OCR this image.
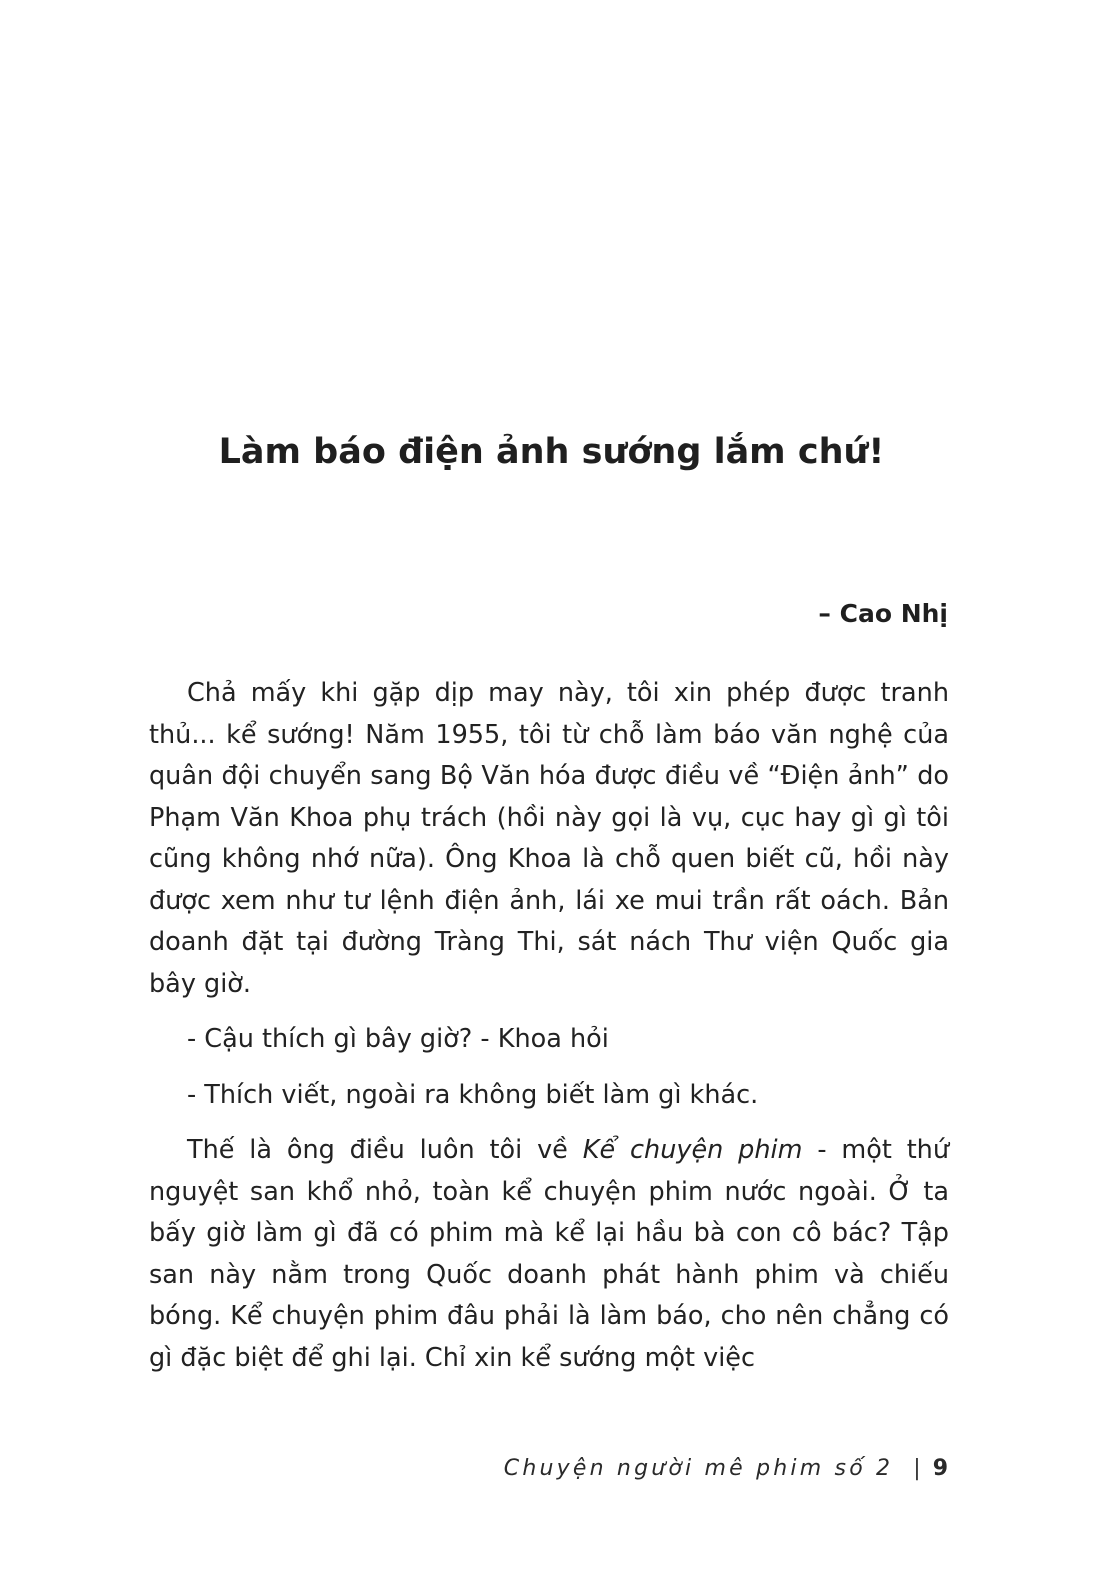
Làm báo điện ảnh sướng lắm chứ!
– Cao Nhị

Chả mấy khi gặp dịp may này, tôi xin phép được tranh thủ... kể sướng! Năm 1955, tôi từ chỗ làm báo văn nghệ của quân đội chuyển sang Bộ Văn hóa được điều về “Điện ảnh” do Phạm Văn Khoa phụ trách (hồi này gọi là vụ, cục hay gì gì tôi cũng không nhớ nữa). Ông Khoa là chỗ quen biết cũ, hồi này được xem như tư lệnh điện ảnh, lái xe mui trần rất oách. Bản doanh đặt tại đường Tràng Thi, sát nách Thư viện Quốc gia bây giờ.

- Cậu thích gì bây giờ? - Khoa hỏi

- Thích viết, ngoài ra không biết làm gì khác.

Thế là ông điều luôn tôi về Kể chuyện phim - một thứ nguyệt san khổ nhỏ, toàn kể chuyện phim nước ngoài. Ở ta bấy giờ làm gì đã có phim mà kể lại hầu bà con cô bác? Tập san này nằm trong Quốc doanh phát hành phim và chiếu bóng. Kể chuyện phim đâu phải là làm báo, cho nên chẳng có gì đặc biệt để ghi lại. Chỉ xin kể sướng một việc

Chuyện người mê phim số 2 | 9
